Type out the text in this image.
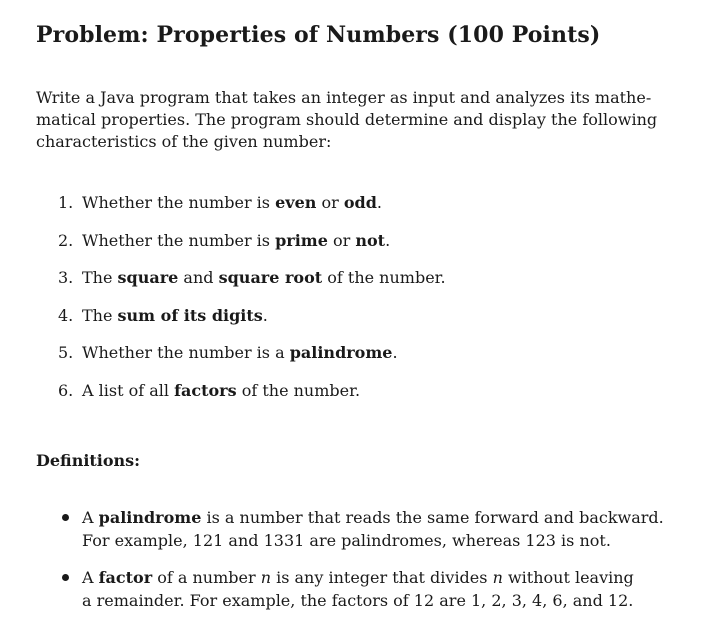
Problem: Properties of Numbers (100 Points)

Write a Java program that takes an integer as input and analyzes its mathe-
matical properties. The program should determine and display the following
characteristics of the given number:

1. Whether the number is even or odd.
2. Whether the number is prime or not.
3. The square and square root of the number.
4. The sum of its digits.
5. Whether the number is a palindrome.
6. A list of all factors of the number.
Definitions:
A palindrome is a number that reads the same forward and backward.
For example, 121 and 1331 are palindromes, whereas 123 is not.
A factor of a number n is any integer that divides n without leaving
a remainder. For example, the factors of 12 are 1, 2, 3, 4, 6, and 12.
